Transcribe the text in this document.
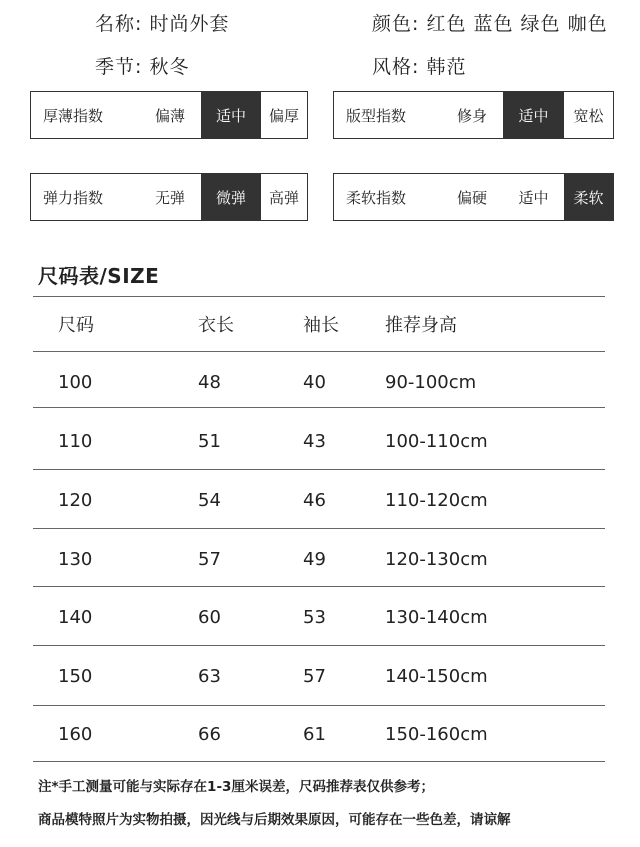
名称: 时尚外套	颜色: 红色 蓝色 绿色 咖色
季节: 秋冬	风格: 韩范
厚薄指数	偏薄	适中	偏厚	版型指数	修身	适中	宽松
弹力指数	无弹	微弹	高弹	柔软指数	偏硬	适中	柔软
尺码表/SIZE
尺码	衣长	袖长	推荐身高
100	48	40	90-100cm
110	51	43	100-110cm
120	54	46	110-120cm
130	57	49	120-130cm
140	60	53	130-140cm
150	63	57	140-150cm
160	66	61	150-160cm
注*手工测量可能与实际存在1-3厘米误差，尺码推荐表仅供参考；
商品模特照片为实物拍摄，因光线与后期效果原因，可能存在一些色差，请谅解
